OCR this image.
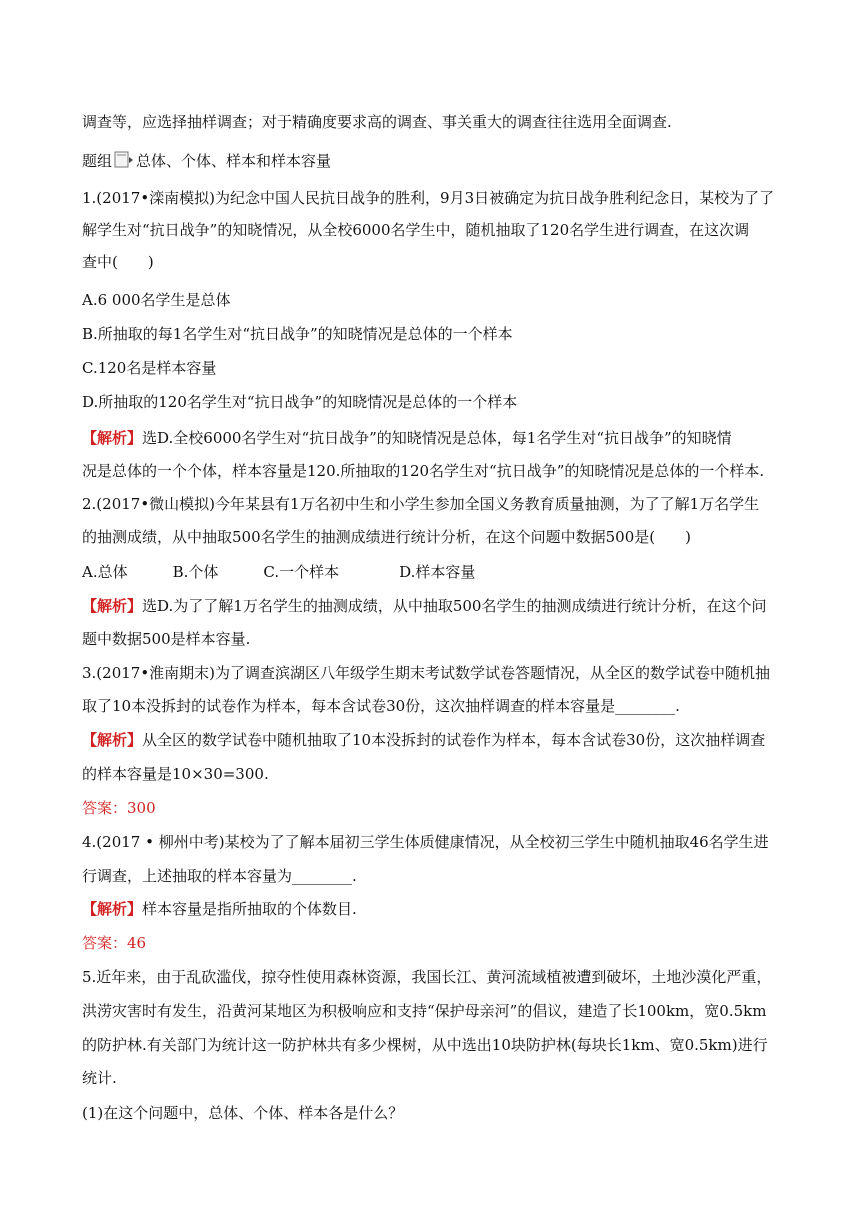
调查等，应选择抽样调查；对于精确度要求高的调查、事关重大的调查往往选用全面调查.
题组 总体、个体、样本和样本容量
1.(2017•滦南模拟)为纪念中国人民抗日战争的胜利，9月3日被确定为抗日战争胜利纪念日，某校为了了
解学生对“抗日战争”的知晓情况，从全校6000名学生中，随机抽取了120名学生进行调查，在这次调
查中(　　)
A.6 000名学生是总体
B.所抽取的每1名学生对“抗日战争”的知晓情况是总体的一个样本
C.120名是样本容量
D.所抽取的120名学生对“抗日战争”的知晓情况是总体的一个样本
【解析】选D.全校6000名学生对“抗日战争”的知晓情况是总体，每1名学生对“抗日战争”的知晓情
况是总体的一个个体，样本容量是120.所抽取的120名学生对“抗日战争”的知晓情况是总体的一个样本.
2.(2017•微山模拟)今年某县有1万名初中生和小学生参加全国义务教育质量抽测，为了了解1万名学生
的抽测成绩，从中抽取500名学生的抽测成绩进行统计分析，在这个问题中数据500是(　　)
A.总体　　　B.个体　　　C.一个样本　　　　D.样本容量
【解析】选D.为了了解1万名学生的抽测成绩，从中抽取500名学生的抽测成绩进行统计分析，在这个问
题中数据500是样本容量.
3.(2017•淮南期末)为了调查滨湖区八年级学生期末考试数学试卷答题情况，从全区的数学试卷中随机抽
取了10本没拆封的试卷作为样本，每本含试卷30份，这次抽样调查的样本容量是________.
【解析】从全区的数学试卷中随机抽取了10本没拆封的试卷作为样本，每本含试卷30份，这次抽样调查
的样本容量是10×30=300.
答案：300
4.(2017 • 柳州中考)某校为了了解本届初三学生体质健康情况，从全校初三学生中随机抽取46名学生进
行调查，上述抽取的样本容量为________.
【解析】样本容量是指所抽取的个体数目.
答案：46
5.近年来，由于乱砍滥伐，掠夺性使用森林资源，我国长江、黄河流域植被遭到破坏，土地沙漠化严重，
洪涝灾害时有发生，沿黄河某地区为积极响应和支持“保护母亲河”的倡议，建造了长100km，宽0.5km
的防护林.有关部门为统计这一防护林共有多少棵树，从中选出10块防护林(每块长1km、宽0.5km)进行
统计.
(1)在这个问题中，总体、个体、样本各是什么？
